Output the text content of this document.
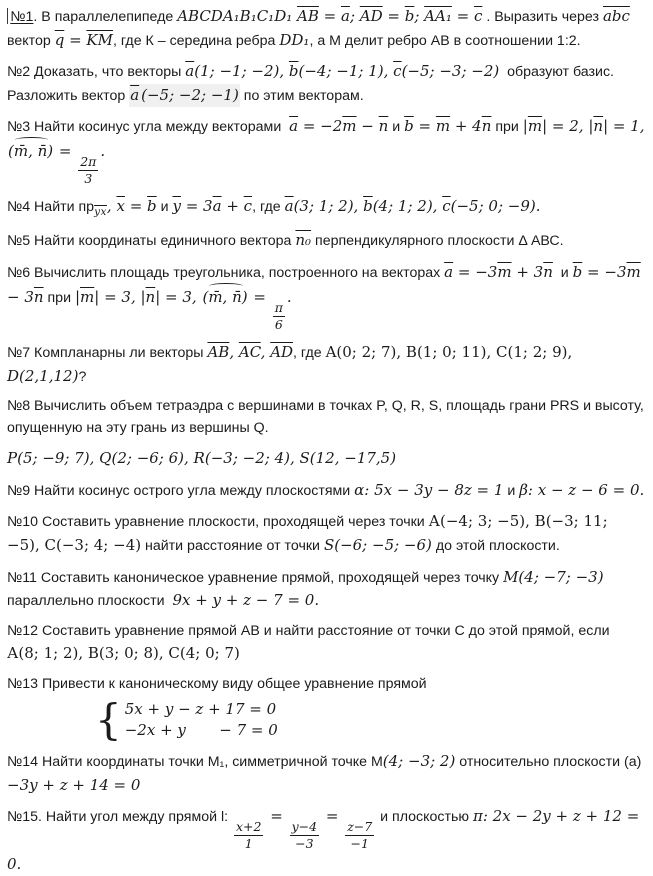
№1. В параллелепипеде ABCDA₁B₁C₁D₁ $\overline{AB} = \overline{a}$; $\overline{AD} = \overline{b}$; $AA_1 = \overline{c}$ . Выразить через $\overline{a}\overline{b}\overline{c}$ вектор $\overline{q} = \overline{KM}$, где К – середина ребра DD₁, а М делит ребро АВ в соотношении 1:2.

№2 Доказать, что векторы $\overline{a}(1$; −1; −2), $\overline{b}(-4$; −1; 1), $\overline{c}(-5$; −3; −2)  образуют базис. Разложить вектор $\overline{a}$ (−5; −2; −1) по этим векторам.

№3 Найти косинус угла между векторами  $\overline{a} = -2\overline{m} - \overline{n}$ и $\overline{b} = \overline{m} + 4\overline{n}$ при $|\overline{m}| = 2$, $|\overline{n}| = 1$, (m̄, n̄) =
$\frac{2\pi}{3}$
.

№4 Найти $пр_{\overline{yx}}$, $\overline{x} = \overline{b}$ и $\overline{y} = 3\overline{a} + \overline{c}$, где $\overline{a}(3$; 1; 2), $\overline{b}(4$; 1; 2), $\overline{c}(-5$; 0; −9).

№5 Найти координаты единичного вектора n₀ перпендикулярного плоскости Δ АВС.

№6 Вычислить площадь треугольника, построенного на векторах $\overline{a} = -3\overline{m} + 3\overline{n}$  и $\overline{b} = -3\overline{m} - 3\overline{n}$ при $|\overline{m}| = 3$, $|\overline{n}| = 3$, (m̄, n̄) =
$\frac{\pi}{6}$
.

№7 Компланарны ли векторы $\overline{AB}$, $\overline{AC}$, $\overline{AD}$, где A(0; 2; 7), B(1; 0; 11), C(1; 2; 9), D(2,1,12)?

№8 Вычислить объем тетраэдра с вершинами в точках P, Q, R, S, площадь грани PRS и высоту, опущенную на эту грань из вершины Q.

P(5; −9; 7), Q(2; −6; 6), R(−3; −2; 4), S(12, −17,5)

№9 Найти косинус острого угла между плоскостями α: 5x − 3y − 8z = 1 и β: x − z − 6 = 0.

№10 Составить уравнение плоскости, проходящей через точки А(−4; 3; −5), В(−3; 11; −5), С(−3; 4; −4) найти расстояние от точки S(−6; −5; −6) до этой плоскости.

№11 Составить каноническое уравнение прямой, проходящей через точку M(4; −7; −3) параллельно плоскости  9x + y + z − 7 = 0.

№12 Составить уравнение прямой АВ и найти расстояние от точки С до этой прямой, если А(8; 1; 2), В(3; 0; 8), С(4; 0; 7)

№13 Привести к каноническому виду общее уравнение прямой
{ 5x + y − z + 17 = 0
−2x + y       − 7 = 0

№14 Найти координаты точки М₁, симметричной точке М(4; −3; 2) относительно плоскости (а)−3y + z + 14 = 0

№15. Найти угол между прямой l:
$\frac{x+2}{1}$
=
$\frac{y-4}{-3}$
=
$\frac{z-7}{-1}$
и плоскостью π: 2x − 2y + z + 12 = 0.
